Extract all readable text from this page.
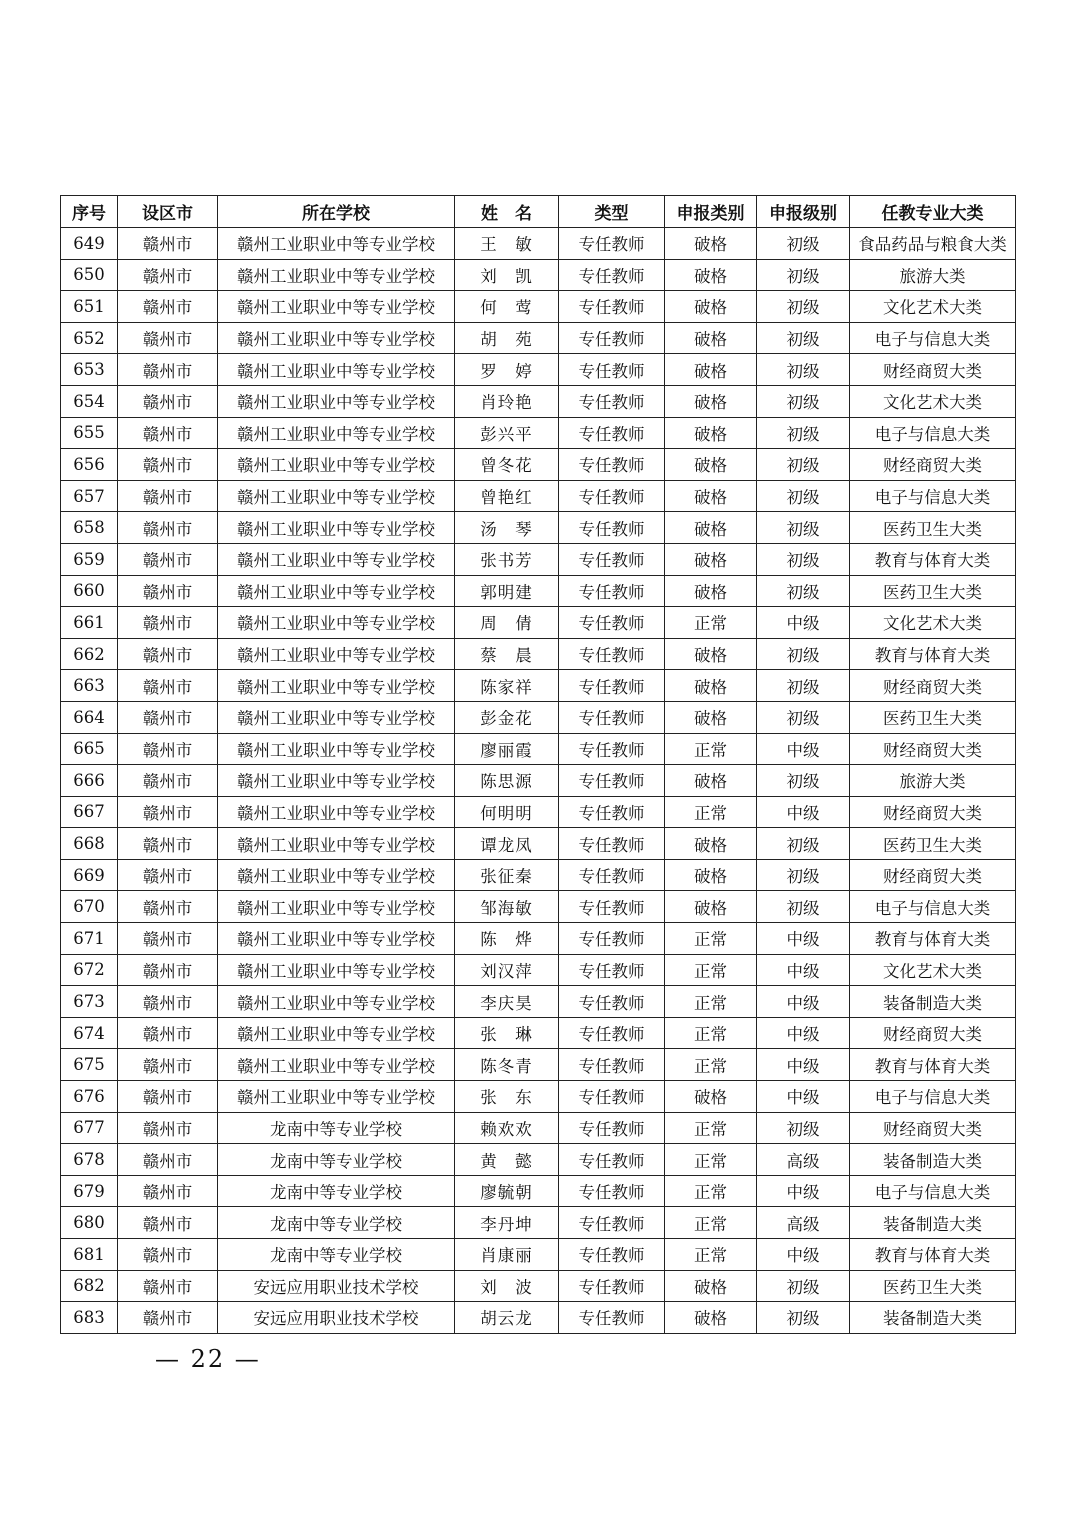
序号	设区市	所在学校	姓　名	类型	申报类别	申报级别	任教专业大类
649	赣州市	赣州工业职业中等专业学校	王　敏	专任教师	破格	初级	食品药品与粮食大类
650	赣州市	赣州工业职业中等专业学校	刘　凯	专任教师	破格	初级	旅游大类
651	赣州市	赣州工业职业中等专业学校	何　莺	专任教师	破格	初级	文化艺术大类
652	赣州市	赣州工业职业中等专业学校	胡　苑	专任教师	破格	初级	电子与信息大类
653	赣州市	赣州工业职业中等专业学校	罗　婷	专任教师	破格	初级	财经商贸大类
654	赣州市	赣州工业职业中等专业学校	肖玲艳	专任教师	破格	初级	文化艺术大类
655	赣州市	赣州工业职业中等专业学校	彭兴平	专任教师	破格	初级	电子与信息大类
656	赣州市	赣州工业职业中等专业学校	曾冬花	专任教师	破格	初级	财经商贸大类
657	赣州市	赣州工业职业中等专业学校	曾艳红	专任教师	破格	初级	电子与信息大类
658	赣州市	赣州工业职业中等专业学校	汤　琴	专任教师	破格	初级	医药卫生大类
659	赣州市	赣州工业职业中等专业学校	张书芳	专任教师	破格	初级	教育与体育大类
660	赣州市	赣州工业职业中等专业学校	郭明建	专任教师	破格	初级	医药卫生大类
661	赣州市	赣州工业职业中等专业学校	周　倩	专任教师	正常	中级	文化艺术大类
662	赣州市	赣州工业职业中等专业学校	蔡　晨	专任教师	破格	初级	教育与体育大类
663	赣州市	赣州工业职业中等专业学校	陈家祥	专任教师	破格	初级	财经商贸大类
664	赣州市	赣州工业职业中等专业学校	彭金花	专任教师	破格	初级	医药卫生大类
665	赣州市	赣州工业职业中等专业学校	廖丽霞	专任教师	正常	中级	财经商贸大类
666	赣州市	赣州工业职业中等专业学校	陈思源	专任教师	破格	初级	旅游大类
667	赣州市	赣州工业职业中等专业学校	何明明	专任教师	正常	中级	财经商贸大类
668	赣州市	赣州工业职业中等专业学校	谭龙凤	专任教师	破格	初级	医药卫生大类
669	赣州市	赣州工业职业中等专业学校	张征秦	专任教师	破格	初级	财经商贸大类
670	赣州市	赣州工业职业中等专业学校	邹海敏	专任教师	破格	初级	电子与信息大类
671	赣州市	赣州工业职业中等专业学校	陈　烨	专任教师	正常	中级	教育与体育大类
672	赣州市	赣州工业职业中等专业学校	刘汉萍	专任教师	正常	中级	文化艺术大类
673	赣州市	赣州工业职业中等专业学校	李庆昊	专任教师	正常	中级	装备制造大类
674	赣州市	赣州工业职业中等专业学校	张　琳	专任教师	正常	中级	财经商贸大类
675	赣州市	赣州工业职业中等专业学校	陈冬青	专任教师	正常	中级	教育与体育大类
676	赣州市	赣州工业职业中等专业学校	张　东	专任教师	破格	中级	电子与信息大类
677	赣州市	龙南中等专业学校	赖欢欢	专任教师	正常	初级	财经商贸大类
678	赣州市	龙南中等专业学校	黄　懿	专任教师	正常	高级	装备制造大类
679	赣州市	龙南中等专业学校	廖毓朝	专任教师	正常	中级	电子与信息大类
680	赣州市	龙南中等专业学校	李丹坤	专任教师	正常	高级	装备制造大类
681	赣州市	龙南中等专业学校	肖康丽	专任教师	正常	中级	教育与体育大类
682	赣州市	安远应用职业技术学校	刘　波	专任教师	破格	初级	医药卫生大类
683	赣州市	安远应用职业技术学校	胡云龙	专任教师	破格	初级	装备制造大类
— 22 —
